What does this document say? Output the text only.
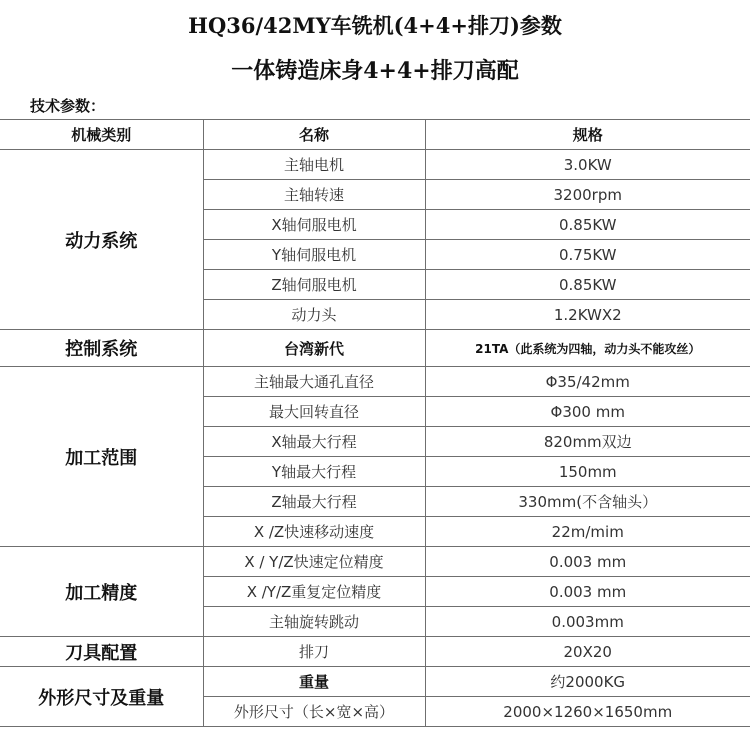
HQ36/42MY车铣机(4+4+排刀)参数
一体铸造床身4+4+排刀高配
技术参数：
机械类别	名称	规格
动力系统	主轴电机	3.0KW
	主轴转速	3200rpm
	X轴伺服电机	0.85KW
	Y轴伺服电机	0.75KW
	Z轴伺服电机	0.85KW
	动力头	1.2KWX2
控制系统	台湾新代	21TA（此系统为四轴，动力头不能攻丝）
加工范围	主轴最大通孔直径	Φ35/42mm
	最大回转直径	Φ300 mm
	X轴最大行程	820mm双边
	Y轴最大行程	150mm
	Z轴最大行程	330mm(不含轴头）
	X /Z快速移动速度	22m/mim
加工精度	X / Y/Z快速定位精度	0.003 mm
	X /Y/Z重复定位精度	0.003 mm
	主轴旋转跳动	0.003mm
刀具配置	排刀	20X20
外形尺寸及重量	重量	约2000KG
	外形尺寸（长×宽×高）	2000×1260×1650mm
